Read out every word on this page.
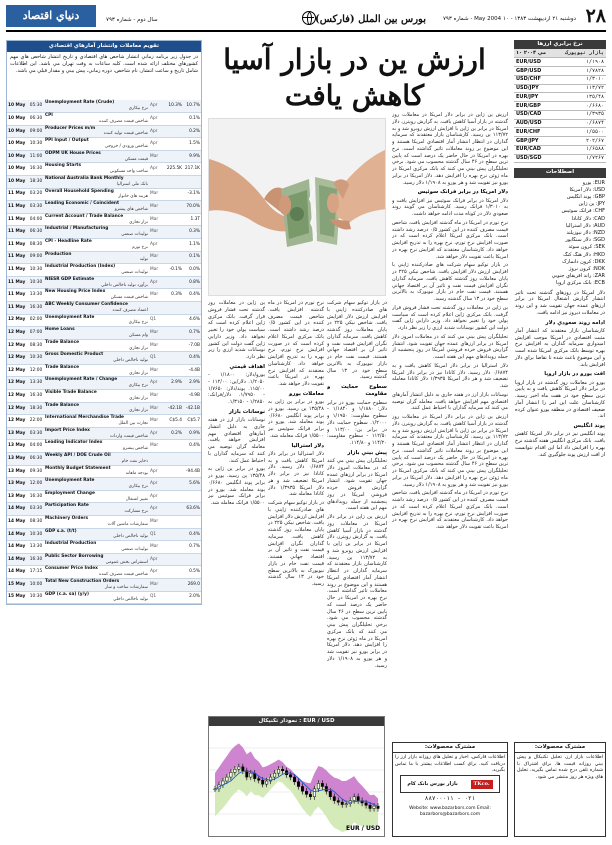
۲۸
دوشنبه ۲۱ ارديبهشت ۱۳۸۳ - ۱۰ May 2004 - شماره ۷۹۳
بورس بين الملل (فارکس)
سال دوم - شماره ۷۹۳
دنياي اقتصاد
نرخ برابري ارزها
بازار نيويورک	۱۰ مي ۲۰۰۴
۱/۱۹۰۸	EUR/USD
۱/۷۸۲۸	GBP/USD
۱/۳۰۱۰	USD/CHF
۱۱۳/۷۲	USD/JPY
۱۳۵/۴۸	EUR/JPY
۰/۶۶۸۰	EUR/GBP
۱/۳۹۳۵	USD/CAD
۰/۶۸۷۴	AUD/USD
۱/۵۵۰۰	EUR/CHF
۲۰۲/۶۷	GBP/JPY
۱/۶۵۸۸	EUR/CAD
۱/۷۲۶۷	USD/SGD
اصطلاحات
EUR: يورو
USD: دلار امريکا
GBP: پوند انگليس
JPY: ين ژاپن
CHF: فرانک سوئيس
CAD: دلار کانادا
AUD: دلار استراليا
NZD: دلار نيوزيلند
SGD: دلار سنگاپور
SEK: کرون سوئد
HKD: دلار هنگ کنگ
DKK: کرون دانمارک
NOK: کرون نروژ
ZAR: راند آفريقاي جنوبي
ECB: بانک مرکزي اروپا

دلار امريکا در روزهاي گذشته تحت تاثير انتشار گزارش اشتغال امريکا در برابر ارزهاي عمده جهان تقويت شد و اين روند در معاملات ديروز نيز ادامه يافت.

ادامه روند صعودي دلار

کارشناسان بازار معتقدند که انتشار آمار مثبت اقتصادي در امريکا موجب افزايش اميدواري سرمايه گذاران به افزايش نرخ بهره توسط بانک مرکزي امريکا شده است و اين موضوع باعث شده تا تقاضا براي دلار افزايش يابد.

افت يورو در بازار اروپا

يورو در معاملات روز گذشته در بازار اروپا در برابر دلار امريکا کاهش يافت و به پايين ترين سطح خود در هفت ماه اخير رسيد. کارشناسان علت اين امر را انتشار آمار ضعيف اقتصادي در منطقه يورو عنوان کرده اند.

پوند انگليس

پوند انگليس نيز در برابر دلار امريکا کاهش يافت. بانک مرکزي انگليس هفته گذشته نرخ بهره را افزايش داد اما اين اقدام نتوانست از افت ارزش پوند جلوگيري کند.

ارزش ين در بازار آسيا
کاهش يافت

ارزش ين ژاپن در برابر دلار امريکا در معاملات روز گذشته در بازار آسيا کاهش يافت. به گزارش رويترز، دلار امريکا در برابر ين ژاپن با افزايش ارزش روبرو شد و به ۱۱۳/۷۲ ين رسيد. کارشناسان بازار معتقدند که سرمايه گذاران در انتظار انتشار آمار اقتصادي امريکا هستند و اين موضوع بر روند معاملات تاثير گذاشته است. نرخ بهره در امريکا در حال حاضر يک درصد است که پايين ترين سطح در ۴۶ سال گذشته محسوب مي شود. برخي تحليلگران پيش بيني مي کنند که بانک مرکزي امريکا در ماه ژوئن نرخ بهره را افزايش دهد. دلار امريکا در برابر يورو نيز تقويت شد و هر يورو به ۱/۱۹۰۸ دلار رسيد.

دلار امريکا در برابر فرانک سوئيس

دلار امريکا در برابر فرانک سوئيس نيز افزايش يافت و به ۱/۳۰۱۰ فرانک رسيد. کارشناسان مي گويند روند صعودي دلار در کوتاه مدت ادامه خواهد داشت.

نرخ تورم در امريکا در ماه گذشته افزايش يافت. شاخص قيمت مصرف کننده در اين کشور ۰/۵ درصد رشد داشته است. بانک مرکزي امريکا اعلام کرده است که در صورت افزايش نرخ تورم، نرخ بهره را به تدريج افزايش خواهد داد. کارشناسان معتقدند که افزايش نرخ بهره در امريکا باعث تقويت دلار خواهد شد.

در بازار توکيو سهام شرکت هاي صادرکننده ژاپني با افزايش ارزش دلار افزايش يافت. شاخص نيکي ۲۲۵ در پايان معاملات روز گذشته کاهش يافت. سرمايه گذاران نگران افزايش قيمت نفت و تاثير آن بر اقتصاد جهاني هستند. قيمت نفت خام در بازار نيويورک به بالاترين سطح خود در ۱۳ سال گذشته رسيد.

ين ژاپن در معاملات روز گذشته تحت فشار فروش قرار گرفت. بانک مرکزي ژاپن اعلام کرده است که سياست پولي خود را تغيير نخواهد داد. وزير دارايي ژاپن گفت دولت اين کشور نوسانات شديد ارزي را زير نظر دارد.

تحليلگران پيش بيني مي کنند که در معاملات امروز دلار امريکا در برابر ارزهاي عمده جهان تقويت شود. انتشار گزارش فروش خرده فروشي امريکا در روز پنجشنبه از جمله رويدادهاي مهم اين هفته است.

دلار استراليا در برابر دلار امريکا کاهش يافت و به ۰/۶۸۷۴ دلار رسيد. دلار کانادا نيز در برابر دلار امريکا تضعيف شد و هر دلار امريکا ۱/۳۹۳۵ دلار کانادا معامله شد.

نوسانات بازار ارز در هفته جاري به دليل انتشار آمارهاي اقتصادي مهم افزايش خواهد يافت. معامله گران توصيه مي کنند که سرمايه گذاران با احتياط عمل کنند.

ارزش ين ژاپن در برابر دلار امريکا در معاملات روز گذشته در بازار آسيا کاهش يافت. به گزارش رويترز، دلار امريکا در برابر ين ژاپن با افزايش ارزش روبرو شد و به ۱۱۳/۷۲ ين رسيد. کارشناسان بازار معتقدند که سرمايه گذاران در انتظار انتشار آمار اقتصادي امريکا هستند و اين موضوع بر روند معاملات تاثير گذاشته است. نرخ بهره در امريکا در حال حاضر يک درصد است که پايين ترين سطح در ۴۶ سال گذشته محسوب مي شود. برخي تحليلگران پيش بيني مي کنند که بانک مرکزي امريکا در ماه ژوئن نرخ بهره را افزايش دهد. دلار امريکا در برابر يورو نيز تقويت شد و هر يورو به ۱/۱۹۰۸ دلار رسيد.

نرخ تورم در امريکا در ماه گذشته افزايش يافت. شاخص قيمت مصرف کننده در اين کشور ۰/۵ درصد رشد داشته است. بانک مرکزي امريکا اعلام کرده است که در صورت افزايش نرخ تورم، نرخ بهره را به تدريج افزايش خواهد داد. کارشناسان معتقدند که افزايش نرخ بهره در امريکا باعث تقويت دلار خواهد شد.

در بازار توکيو سهام شرکت هاي صادرکننده ژاپني با افزايش ارزش دلار افزايش يافت. شاخص نيکي ۲۲۵ در پايان معاملات روز گذشته کاهش يافت. سرمايه گذاران نگران افزايش قيمت نفت و تاثير آن بر اقتصاد جهاني هستند. قيمت نفت خام در بازار نيويورک به بالاترين سطح خود در ۱۳ سال گذشته رسيد.

سطوح حمايت و مقاومت

سطوح حمايت يورو در برابر دلار: ۱/۱۸۸۰ و ۱/۱۸۴۰ - سطوح مقاومت: ۱/۱۹۵۰ و ۱/۲۰۰۰. سطوح حمايت دلار در برابر ين: ۱۱۳/۰۰ و ۱۱۲/۵۰ - سطوح مقاومت: ۱۱۴/۲۰ و ۱۱۴/۸۰.

پيش بيني بازار

تحليلگران پيش بيني مي کنند که در معاملات امروز دلار امريکا در برابر ارزهاي عمده جهان تقويت شود. انتشار گزارش فروش خرده فروشي امريکا در روز پنجشنبه از جمله رويدادهاي مهم اين هفته است.

ارزش ين ژاپن در برابر دلار امريکا در معاملات روز گذشته در بازار آسيا کاهش يافت. به گزارش رويترز، دلار امريکا در برابر ين ژاپن با افزايش ارزش روبرو شد و به ۱۱۳/۷۲ ين رسيد. کارشناسان بازار معتقدند که سرمايه گذاران در انتظار انتشار آمار اقتصادي امريکا هستند و اين موضوع بر روند معاملات تاثير گذاشته است. نرخ بهره در امريکا در حال حاضر يک درصد است که پايين ترين سطح در ۴۶ سال گذشته محسوب مي شود. برخي تحليلگران پيش بيني مي کنند که بانک مرکزي امريکا در ماه ژوئن نرخ بهره را افزايش دهد. دلار امريکا در برابر يورو نيز تقويت شد و هر يورو به ۱/۱۹۰۸ دلار رسيد.

نرخ تورم در امريکا در ماه گذشته افزايش يافت. شاخص قيمت مصرف کننده در اين کشور ۰/۵ درصد رشد داشته است. بانک مرکزي امريکا اعلام کرده است که در صورت افزايش نرخ تورم، نرخ بهره را به تدريج افزايش خواهد داد. کارشناسان معتقدند که افزايش نرخ بهره در امريکا باعث تقويت دلار خواهد شد.

معاملات يورو

يورو در برابر ين ژاپن به ۱۳۵/۴۸ ين رسيد. يورو در برابر پوند انگليس ۰/۶۶۸۰ پوند معامله شد. يورو در برابر فرانک سوئيس نيز ۱/۵۵۰۰ فرانک معامله شد.

دلار استراليا

دلار استراليا در برابر دلار امريکا کاهش يافت و به ۰/۶۸۷۴ دلار رسيد. دلار کانادا نيز در برابر دلار امريکا تضعيف شد و هر دلار امريکا ۱/۳۹۳۵ دلار کانادا معامله شد.

در بازار توکيو سهام شرکت هاي صادرکننده ژاپني با افزايش ارزش دلار افزايش يافت. شاخص نيکي ۲۲۵ در پايان معاملات روز گذشته کاهش يافت. سرمايه گذاران نگران افزايش قيمت نفت و تاثير آن بر اقتصاد جهاني هستند. قيمت نفت خام در بازار نيويورک به بالاترين سطح خود در ۱۳ سال گذشته رسيد.

ين ژاپن در معاملات روز گذشته تحت فشار فروش قرار گرفت. بانک مرکزي ژاپن اعلام کرده است که سياست پولي خود را تغيير نخواهد داد. وزير دارايي ژاپن گفت دولت اين کشور نوسانات شديد ارزي را زير نظر دارد.

اهداف قيمتي

يورو/دلار: ۱/۱۸۰۰ - ۱/۲۰۵۰. دلار/ين: ۱۱۲/۰۰ - ۱۱۵/۰۰. پوند/دلار: ۱/۷۶۵۰ - ۱/۷۹۵۰. دلار/فرانک: ۱/۲۸۵۰ - ۱/۳۱۵۰.

نوسانات بازار

نوسانات بازار ارز در هفته جاري به دليل انتشار آمارهاي اقتصادي مهم افزايش خواهد يافت. معامله گران توصيه مي کنند که سرمايه گذاران با احتياط عمل کنند.

يورو در برابر ين ژاپن به ۱۳۵/۴۸ ين رسيد. يورو در برابر پوند انگليس ۰/۶۶۸۰ پوند معامله شد. يورو در برابر فرانک سوئيس نيز ۱/۵۵۰۰ فرانک معامله شد.

تقويم معاملات وانتشار آمارهاي اقتصادي
در جدول زير برنامه زماني انتشار شاخص هاي اقتصادي و تاريخ انتشار شاخص هاي مهم کشورهاي مختلف ارائه شده است. کليه ساعات به وقت تهران مي باشد. اين اطلاعات شامل تاريخ و ساعت انتشار، نام شاخص، دوره زماني، پيش بيني و مقدار قبلي مي باشد.
10 May	05:30	Unemployment Rate (Crude)
نرخ بيکاري	Apr	10.3%	10.7%
10 May	06:30	CPI
شاخص قيمت مصرف کننده	Apr		0.1%
10 May	09:00	Producer Prices m/m
شاخص قيمت توليد کننده	Apr		0.2%
10 May	10:30	PPI Input / Output
شاخص ورودي / خروجي	Apr		1.5%
10 May	11:00	ODPM UK House Prices
قيمت مسکن	Mar		9.9%
10 May	16:30	Housing Starts
ساخت واحد مسکوني	Apr	225.5K	217.1K
10 May	18:30	National Australia Bank Monthly
بانک ملي استراليا			

11 May	03:20	Overall Household Spending
هزينه هاي خانوار	Mar		-3.1%
11 May	03:30	Leading Economic / Coincident
شاخص هاي پيشرو	Mar		70.0%
11 May	04:00	Current Account / Trade Balance
تراز تجاري	Mar		1.3T
11 May	06:30	Industrial / Manufacturing
توليدات صنعتي	Mar		0.3%
11 May	08:30	CPI - Headline Rate
نرخ تورم	Apr		1.1%
11 May	09:00	Production
توليد	Mar		0.1%
11 May	10:30	Industrial Production (Index)
توليدات صنعتي	Mar	-0.1%	0.0%
11 May	10:30	NIESR GDP Estimate
برآورد توليد ناخالص داخلي	Apr		0.8%
11 May	13:30	New Housing Price Index
شاخص قيمت مسکن	Mar	0.3%	0.4%
11 May	16:30	ABC Weekly Consumer Confidence
اعتماد مصرف کننده			

12 May	02:00	Unemployment Rate
نرخ بيکاري	Q1		4.6%
12 May	07:00	Home Loans
وام مسکن	Mar		0.7%
12 May	08:30	Trade Balance
تراز تجاري	Mar		-7.0B
12 May	10:30	Gross Domestic Product
توليد ناخالص داخلي	Q1		0.4%
12 May	12:00	Trade Balance
تراز تجاري	Mar		-4.4B
12 May	13:30	Unemployment Rate / Change
نرخ بيکاري	Apr	2.9%	2.9%
12 May	16:30	Visible Trade Balance
تراز تجاري	Mar		-4.9B
12 May	18:30	Trade Balance
تراز تجاري	Mar	-42.1B	-42.1B
12 May	22:00	International Merchandise Trade
تجارت بين الملل	Mar	C$5.4	C$5.7
13 May	03:30	Import Price Index
شاخص قيمت واردات	Apr	0.2%	0.9%
13 May	04:00	Leading Indicator Index
شاخص پيشرو	Mar		0.4%
13 May	06:30	Weekly API / DOE Crude Oil
ذخاير نفت خام			

13 May	09:30	Monthly Budget Statement
بودجه ماهانه	Apr		-94.4B
13 May	12:00	Unemployment Rate
نرخ بيکاري	Apr		5.6%
13 May	16:30	Employment Change
تغيير اشتغال	Apr		
14 May	03:30	Participation Rate
نرخ مشارکت	Apr		63.6%
14 May	08:30	Machinery Orders
سفارشات ماشين آلات	Mar		
14 May	10:30	GDP s.a. (t/t)
توليد ناخالص داخلي	Q1		0.4%
14 May	13:30	Industrial Production
توليدات صنعتي	Mar		0.7%
14 May	16:30	Public Sector Borrowing
استقراض بخش عمومي	Apr		
14 May	17:15	Consumer Price Index
شاخص قيمت مصرف کننده	Apr		0.5%
15 May	10:00	Total New Construction Orders
سفارشات ساخت و ساز	Mar		269.0
15 May	10:30	GDP (c.a. sa) (y/y)
توليد ناخالص داخلي	Q1		2.0%
نمودار تکنيکال : EUR / USD
EUR / USD
مشترک محصولات:
اطلاعات فارکس، اخبار و تحليل هاي روزانه بازار ارز را دريافت کنيد. براي کسب اطلاعات بيشتر با ما تماس بگيريد.
بازار بورس بانک کام	TKco.
۸۸۷۰۰۰۱۱ - ۰۲۱
Website: www.bazarbors.com Email: bazarbors@bazarbors.com
مشترک محصولات:
اطلاعات بازار ارز، تحليل تکنيکال و پيش بيني روزانه قيمت ها. براي اشتراک با شماره تلفن درج شده تماس بگيريد. تحليل هاي ويژه هر روز منتشر مي شود.
